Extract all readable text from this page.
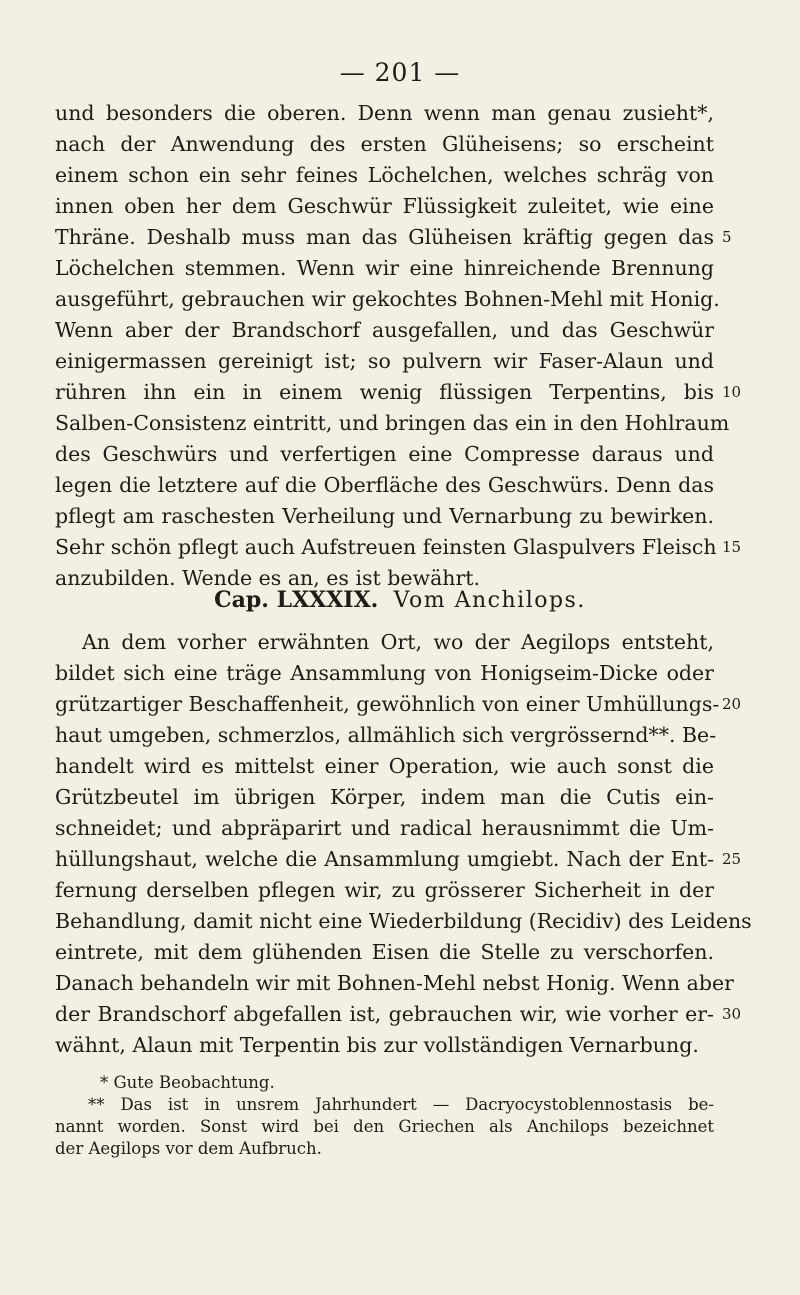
— 201 —
und besonders die oberen. Denn wenn man genau zusieht*,
nach der Anwendung des ersten Glüheisens; so erscheint
einem schon ein sehr feines Löchelchen, welches schräg von
innen oben her dem Geschwür Flüssigkeit zuleitet, wie eine
Thräne. Deshalb muss man das Glüheisen kräftig gegen das
Löchelchen stemmen. Wenn wir eine hinreichende Brennung
ausgeführt, gebrauchen wir gekochtes Bohnen-Mehl mit Honig.
Wenn aber der Brandschorf ausgefallen, und das Geschwür
einigermassen gereinigt ist; so pulvern wir Faser-Alaun und
rühren ihn ein in einem wenig flüssigen Terpentins, bis
Salben-Consistenz eintritt, und bringen das ein in den Hohlraum
des Geschwürs und verfertigen eine Compresse daraus und
legen die letztere auf die Oberfläche des Geschwürs. Denn das
pflegt am raschesten Verheilung und Vernarbung zu bewirken.
Sehr schön pflegt auch Aufstreuen feinsten Glaspulvers Fleisch
anzubilden. Wende es an, es ist bewährt.
Cap. LXXXIX. Vom Anchilops.
An dem vorher erwähnten Ort, wo der Aegilops entsteht,
bildet sich eine träge Ansammlung von Honigseim-Dicke oder
grützartiger Beschaffenheit, gewöhnlich von einer Umhüllungs-
haut umgeben, schmerzlos, allmählich sich vergrössernd**. Be-
handelt wird es mittelst einer Operation, wie auch sonst die
Grützbeutel im übrigen Körper, indem man die Cutis ein-
schneidet; und abpräparirt und radical herausnimmt die Um-
hüllungshaut, welche die Ansammlung umgiebt. Nach der Ent-
fernung derselben pflegen wir, zu grösserer Sicherheit in der
Behandlung, damit nicht eine Wiederbildung (Recidiv) des Leidens
eintrete, mit dem glühenden Eisen die Stelle zu verschorfen.
Danach behandeln wir mit Bohnen-Mehl nebst Honig. Wenn aber
der Brandschorf abgefallen ist, gebrauchen wir, wie vorher er-
wähnt, Alaun mit Terpentin bis zur vollständigen Vernarbung.
5
10
15
20
25
30
* Gute Beobachtung.
** Das ist in unsrem Jahrhundert — Dacryocystoblennostasis be-
nannt worden. Sonst wird bei den Griechen als Anchilops bezeichnet
der Aegilops vor dem Aufbruch.
